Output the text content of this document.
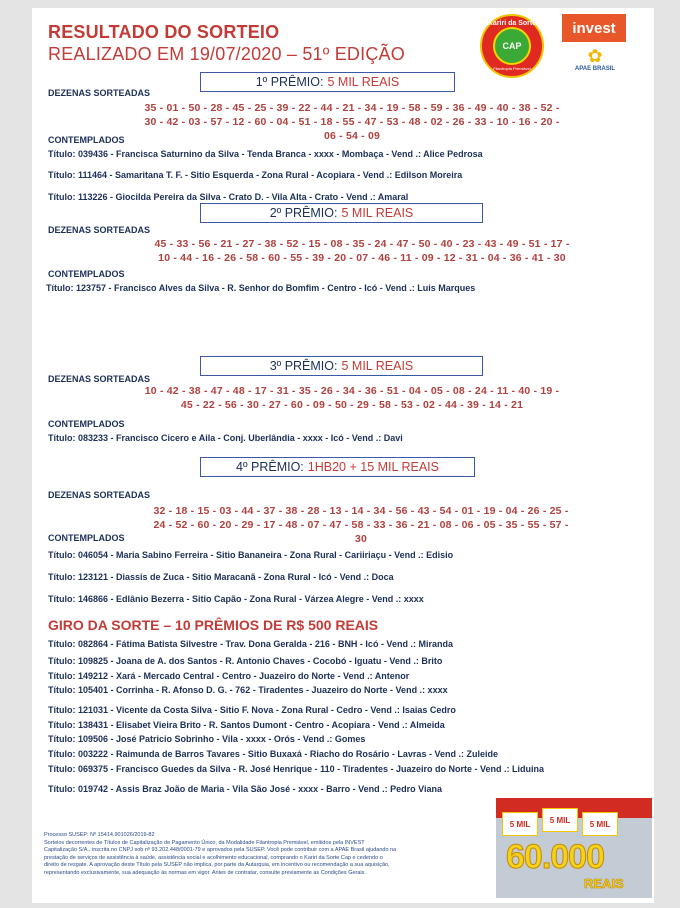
RESULTADO DO SORTEIO
REALIZADO EM 19/07/2020 – 51º EDIÇÃO
Kariri da Sorte
CAP
Filantropia Premiável
invest
✿
APAE BRASIL
1º PRÊMIO: 5 MIL REAIS
DEZENAS SORTEADAS
35 - 01 - 50 - 28 - 45 - 25 - 39 - 22 - 44 - 21 - 34 - 19 - 58 - 59 - 36 - 49 - 40 - 38 - 52 -
30 - 42 - 03 - 57 - 12 - 60 - 04 - 51 - 18 - 55 - 47 - 53 - 48 - 02 - 26 - 33 - 10 - 16 - 20 -
06 - 54 - 09
CONTEMPLADOS
Título: 039436 - Francisca Saturnino da Silva - Tenda Branca - xxxx - Mombaça - Vend .: Alice Pedrosa
Título: 111464 - Samaritana T. F. - Sitio Esquerda - Zona Rural - Acopiara - Vend .: Edilson Moreira
Título: 113226 - Giocilda Pereira da Silva - Crato D. - Vila Alta - Crato - Vend .: Amaral
2º PRÊMIO: 5 MIL REAIS
DEZENAS SORTEADAS
45 - 33 - 56 - 21 - 27 - 38 - 52 - 15 - 08 - 35 - 24 - 47 - 50 - 40 - 23 - 43 - 49 - 51 - 17 -
10 - 44 - 16 - 26 - 58 - 60 - 55 - 39 - 20 - 07 - 46 - 11 - 09 - 12 - 31 - 04 - 36 - 41 - 30
CONTEMPLADOS
Título: 123757 - Francisco Alves da Silva - R. Senhor do Bomfim - Centro - Icó - Vend .: Luis Marques
3º PRÊMIO: 5 MIL REAIS
DEZENAS SORTEADAS
10 - 42 - 38 - 47 - 48 - 17 - 31 - 35 - 26 - 34 - 36 - 51 - 04 - 05 - 08 - 24 - 11 - 40 - 19 -
45 - 22 - 56 - 30 - 27 - 60 - 09 - 50 - 29 - 58 - 53 - 02 - 44 - 39 - 14 - 21
CONTEMPLADOS
Título: 083233 - Francisco Cicero e Aila - Conj. Uberlândia - xxxx - Icó - Vend .: Davi
4º PRÊMIO: 1HB20 + 15 MIL REAIS
DEZENAS SORTEADAS
32 - 18 - 15 - 03 - 44 - 37 - 38 - 28 - 13 - 14 - 34 - 56 - 43 - 54 - 01 - 19 - 04 - 26 - 25 -
24 - 52 - 60 - 20 - 29 - 17 - 48 - 07 - 47 - 58 - 33 - 36 - 21 - 08 - 06 - 05 - 35 - 55 - 57 -
30
CONTEMPLADOS
Título: 046054 - Maria Sabino Ferreira - Sitio Bananeira - Zona Rural - Cariiriaçu - Vend .: Edisio
Título: 123121 - Diassis de Zuca - Sitio Maracanã - Zona Rural - Icó - Vend .: Doca
Título: 146866 - Edlânio Bezerra - Sitio Capão - Zona Rural - Várzea Alegre - Vend .: xxxx
GIRO DA SORTE – 10 PRÊMIOS DE R$ 500 REAIS
Título: 082864 - Fátima Batista Silvestre - Trav. Dona Geralda - 216 - BNH - Icó - Vend .: Miranda
Título: 109825 - Joana de A. dos Santos - R. Antonio Chaves - Cocobó - Iguatu - Vend .: Brito
Título: 149212 - Xará - Mercado Central - Centro - Juazeiro do Norte - Vend .: Antenor
Título: 105401 - Corrinha - R. Afonso D. G. - 762 - Tiradentes - Juazeiro do Norte - Vend .: xxxx
Título: 121031 - Vicente da Costa Silva - Sitio F. Nova - Zona Rural - Cedro - Vend .: Isaias Cedro
Título: 138431 - Elisabet Vieira Brito - R. Santos Dumont - Centro - Acopiara - Vend .: Almeida
Título: 109506 - José Patricio Sobrinho - Vila - xxxx - Orós - Vend .: Gomes
Título: 003222 - Raimunda de Barros Tavares - Sitio Buxaxá - Riacho do Rosário - Lavras - Vend .: Zuleide
Título: 069375 - Francisco Guedes da Silva - R. José Henrique - 110 - Tiradentes - Juazeiro do Norte - Vend .: Liduina
Título: 019742 - Assis Braz João de Maria - Vila São José - xxxx - Barro - Vend .: Pedro Viana
Processo SUSEP: Nº 15414.901026/2019-82
Sorteios decorrentes de Títulos de Capitalização de Pagamento Único, da Modalidade Filantropia Premiável, emitidos pela INVEST
Capitalização S/A., inscrita no CNPJ sob nº 93.202.448/0001-79 e aprovados pela SUSEP. Você pode contribuir com a APAE Brasil ajudando na
prestação de serviços de assistência à saúde, assistência social e acolhimento educacional, comprando o Kariri da Sorte Cap e cedendo o
direito de resgate. A aprovação deste Título pela SUSEP não implica, por parte da Autarquia, em incentivo ou recomendação a sua aquisição,
representando exclusivamente, sua adequação às normas em vigor. Antes de contratar, consulte previamente as Condições Gerais.
5 MIL	5 MIL	5 MIL
60.000
REAIS
